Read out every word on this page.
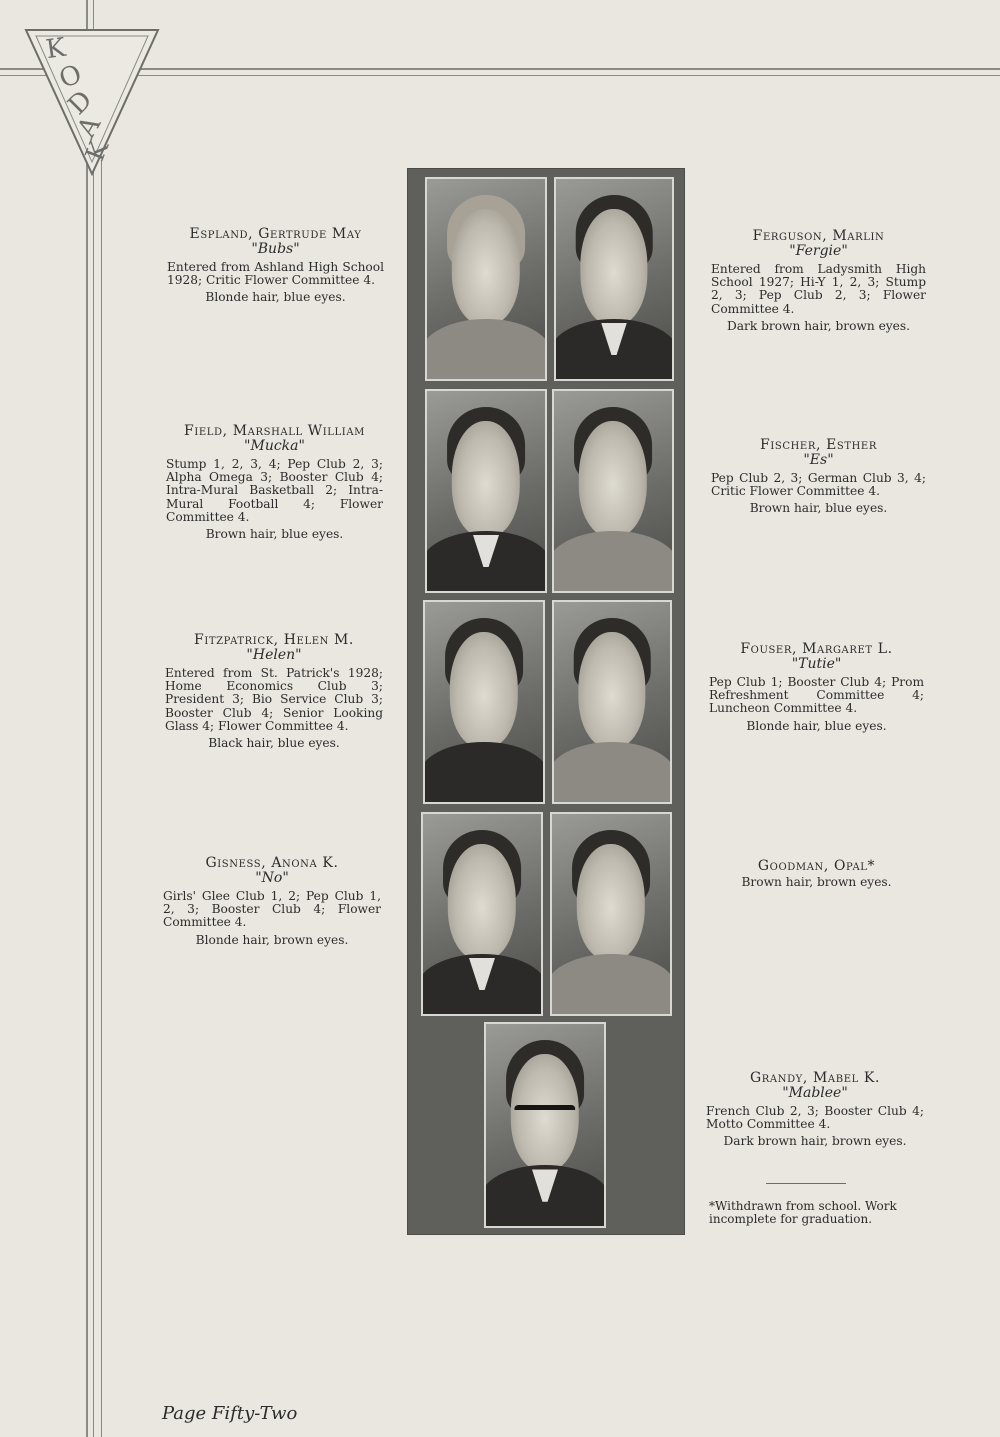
K
O
D
A
K
Espland, Gertrude May
"Bubs"
Entered from Ashland High School 1928; Critic Flower Committee 4.
Blonde hair, blue eyes.
Ferguson, Marlin
"Fergie"
Entered from Ladysmith High School 1927; Hi-Y 1, 2, 3; Stump 2, 3; Pep Club 2, 3; Flower Committee 4.
Dark brown hair, brown eyes.
Field, Marshall William
"Mucka"
Stump 1, 2, 3, 4; Pep Club 2, 3; Alpha Omega 3; Booster Club 4; Intra-Mural Basketball 2; Intra-Mural Football 4; Flower Committee 4.
Brown hair, blue eyes.
Fischer, Esther
"Es"
Pep Club 2, 3; German Club 3, 4; Critic Flower Committee 4.
Brown hair, blue eyes.
Fitzpatrick, Helen M.
"Helen"
Entered from St. Patrick's 1928; Home Economics Club 3; President 3; Bio Service Club 3; Booster Club 4; Senior Looking Glass 4; Flower Committee 4.
Black hair, blue eyes.
Fouser, Margaret L.
"Tutie"
Pep Club 1; Booster Club 4; Prom Refreshment Committee 4; Luncheon Committee 4.
Blonde hair, blue eyes.
Gisness, Anona K.
"No"
Girls' Glee Club 1, 2; Pep Club 1, 2, 3; Booster Club 4; Flower Committee 4.
Blonde hair, brown eyes.
Goodman, Opal*
Brown hair, brown eyes.
Grandy, Mabel K.
"Mablee"
French Club 2, 3; Booster Club 4; Motto Committee 4.
Dark brown hair, brown eyes.
*Withdrawn from school. Work incomplete for graduation.
Page Fifty-Two
